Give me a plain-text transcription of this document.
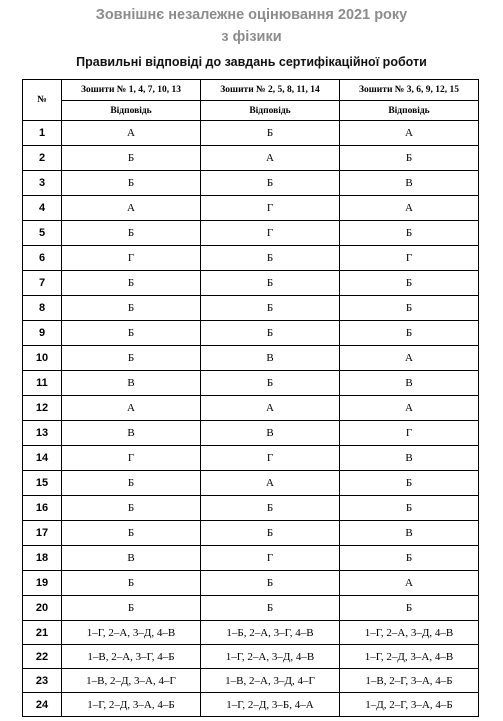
Зовнішнє незалежне оцінювання 2021 року

з фізики

Правильні відповіді до завдань сертифікаційної роботи

№	Зошити № 1, 4, 7, 10, 13	Зошити № 2, 5, 8, 11, 14	Зошити № 3, 6, 9, 12, 15
	Відповідь	Відповідь	Відповідь
1	А	Б	А
2	Б	А	Б
3	Б	Б	В
4	А	Г	А
5	Б	Г	Б
6	Г	Б	Г
7	Б	Б	Б
8	Б	Б	Б
9	Б	Б	Б
10	Б	В	А
11	В	Б	В
12	А	А	А
13	В	В	Г
14	Г	Г	В
15	Б	А	Б
16	Б	Б	Б
17	Б	Б	В
18	В	Г	Б
19	Б	Б	А
20	Б	Б	Б
21	1–Г, 2–А, 3–Д, 4–В	1–Б, 2–А, 3–Г, 4–В	1–Г, 2–А, 3–Д, 4–В
22	1–В, 2–А, 3–Г, 4–Б	1–Г, 2–А, 3–Д, 4–В	1–Г, 2–Д, 3–А, 4–В
23	1–В, 2–Д, 3–А, 4–Г	1–В, 2–А, 3–Д, 4–Г	1–В, 2–Г, 3–А, 4–Б
24	1–Г, 2–Д, 3–А, 4–Б	1–Г, 2–Д, 3–Б, 4–А	1–Д, 2–Г, 3–А, 4–Б
